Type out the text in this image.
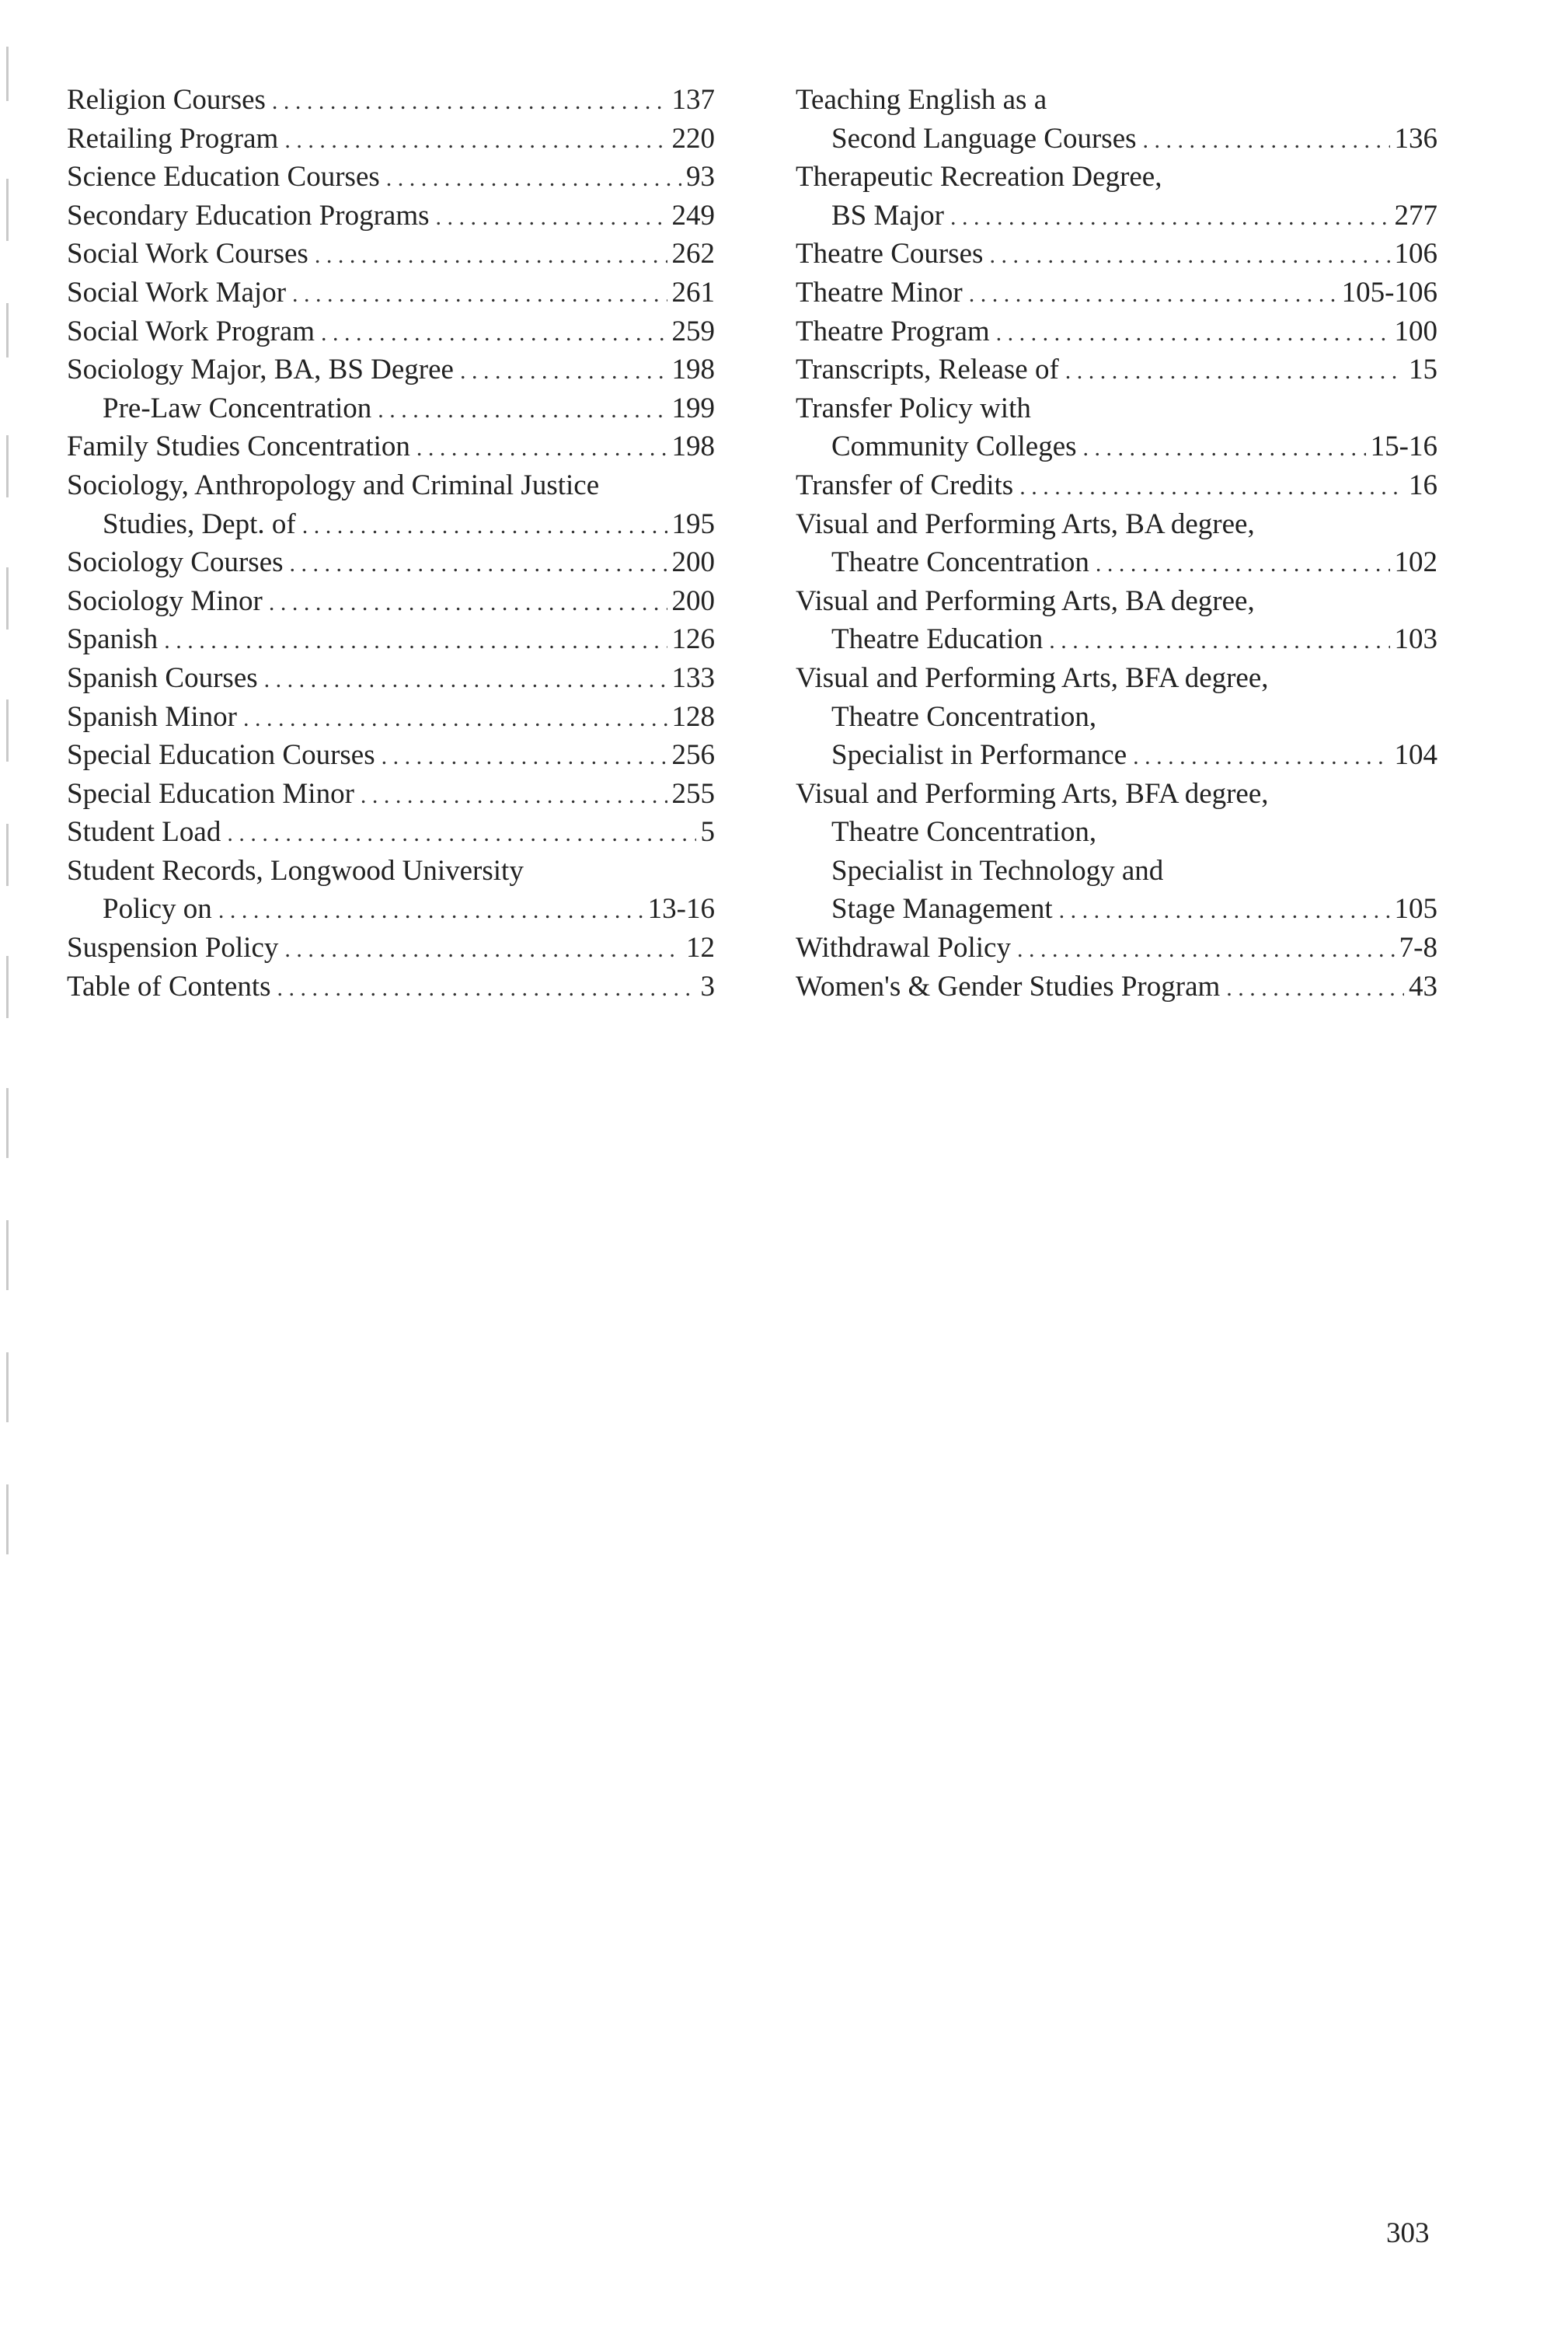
Religion Courses . . .	137
Retailing Program . . .	220
Science Education Courses . . .	93
Secondary Education Programs . . .	249
Social Work Courses . . .	262
Social Work Major . . .	261
Social Work Program . . .	259
Sociology Major, BA, BS Degree . . .	198
Pre-Law Concentration . . .	199
Family Studies Concentration . . .	198
Sociology, Anthropology and Criminal Justice
Studies, Dept. of . . .	195
Sociology Courses . . .	200
Sociology Minor . . .	200
Spanish . . .	126
Spanish Courses . . .	133
Spanish Minor . . .	128
Special Education Courses . . .	256
Special Education Minor . . .	255
Student Load . . .	5
Student Records, Longwood University
Policy on . . .	13-16
Suspension Policy . . .	12
Table of Contents . . .	3
Teaching English as a
Second Language Courses . . .	136
Therapeutic Recreation Degree,
BS Major . . .	277
Theatre Courses . . .	106
Theatre Minor . . .	105-106
Theatre Program . . .	100
Transcripts, Release of . . .	15
Transfer Policy with
Community Colleges . . .	15-16
Transfer of Credits . . .	16
Visual and Performing Arts, BA degree,
Theatre Concentration . . .	102
Visual and Performing Arts, BA degree,
Theatre Education . . .	103
Visual and Performing Arts, BFA degree,
Theatre Concentration,
Specialist in Performance . . .	104
Visual and Performing Arts, BFA degree,
Theatre Concentration,
Specialist in Technology and
Stage Management . . .	105
Withdrawal Policy . . .	7-8
Women's & Gender Studies Program . . .	43
303
